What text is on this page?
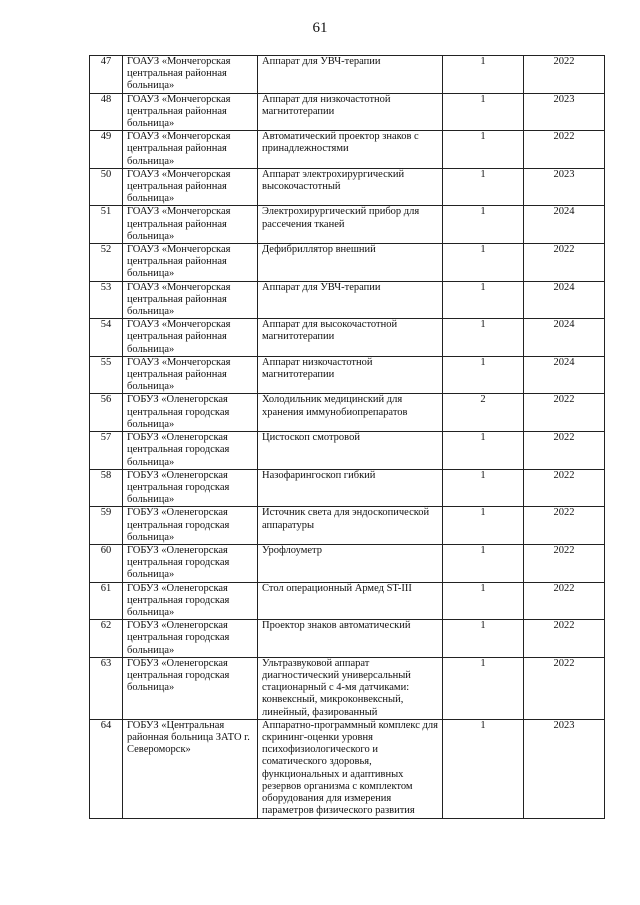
61
47	ГОАУЗ «Мончегорская центральная районная больница»	Аппарат для УВЧ-терапии	1	2022
48	ГОАУЗ «Мончегорская центральная районная больница»	Аппарат для низкочастотной магнитотерапии	1	2023
49	ГОАУЗ «Мончегорская центральная районная больница»	Автоматический проектор знаков с принадлежностями	1	2022
50	ГОАУЗ «Мончегорская центральная районная больница»	Аппарат электрохирургический высокочастотный	1	2023
51	ГОАУЗ «Мончегорская центральная районная больница»	Электрохирургический прибор для рассечения тканей	1	2024
52	ГОАУЗ «Мончегорская центральная районная больница»	Дефибриллятор внешний	1	2022
53	ГОАУЗ «Мончегорская центральная районная больница»	Аппарат для УВЧ-терапии	1	2024
54	ГОАУЗ «Мончегорская центральная районная больница»	Аппарат для высокочастотной магнитотерапии	1	2024
55	ГОАУЗ «Мончегорская центральная районная больница»	Аппарат низкочастотной магнитотерапии	1	2024
56	ГОБУЗ «Оленегорская центральная городская больница»	Холодильник медицинский для хранения иммунобиопрепаратов	2	2022
57	ГОБУЗ «Оленегорская центральная городская больница»	Цистоскоп смотровой	1	2022
58	ГОБУЗ «Оленегорская центральная городская больница»	Назофарингоскоп гибкий	1	2022
59	ГОБУЗ «Оленегорская центральная городская больница»	Источник света для эндоскопической аппаратуры	1	2022
60	ГОБУЗ «Оленегорская центральная городская больница»	Урофлоуметр	1	2022
61	ГОБУЗ «Оленегорская центральная городская больница»	Стол операционный Армед ST-III	1	2022
62	ГОБУЗ «Оленегорская центральная городская больница»	Проектор знаков автоматический	1	2022
63	ГОБУЗ «Оленегорская центральная городская больница»	Ультразвуковой аппарат диагностический универсальный стационарный с 4-мя датчиками: конвексный, микроконвексный, линейный, фазированный	1	2022
64	ГОБУЗ «Центральная районная больница ЗАТО г. Североморск»	Аппаратно-программный комплекс для скрининг-оценки уровня психофизиологического и соматического здоровья, функциональных и адаптивных резервов организма с комплектом оборудования для измерения параметров физического развития	1	2023
